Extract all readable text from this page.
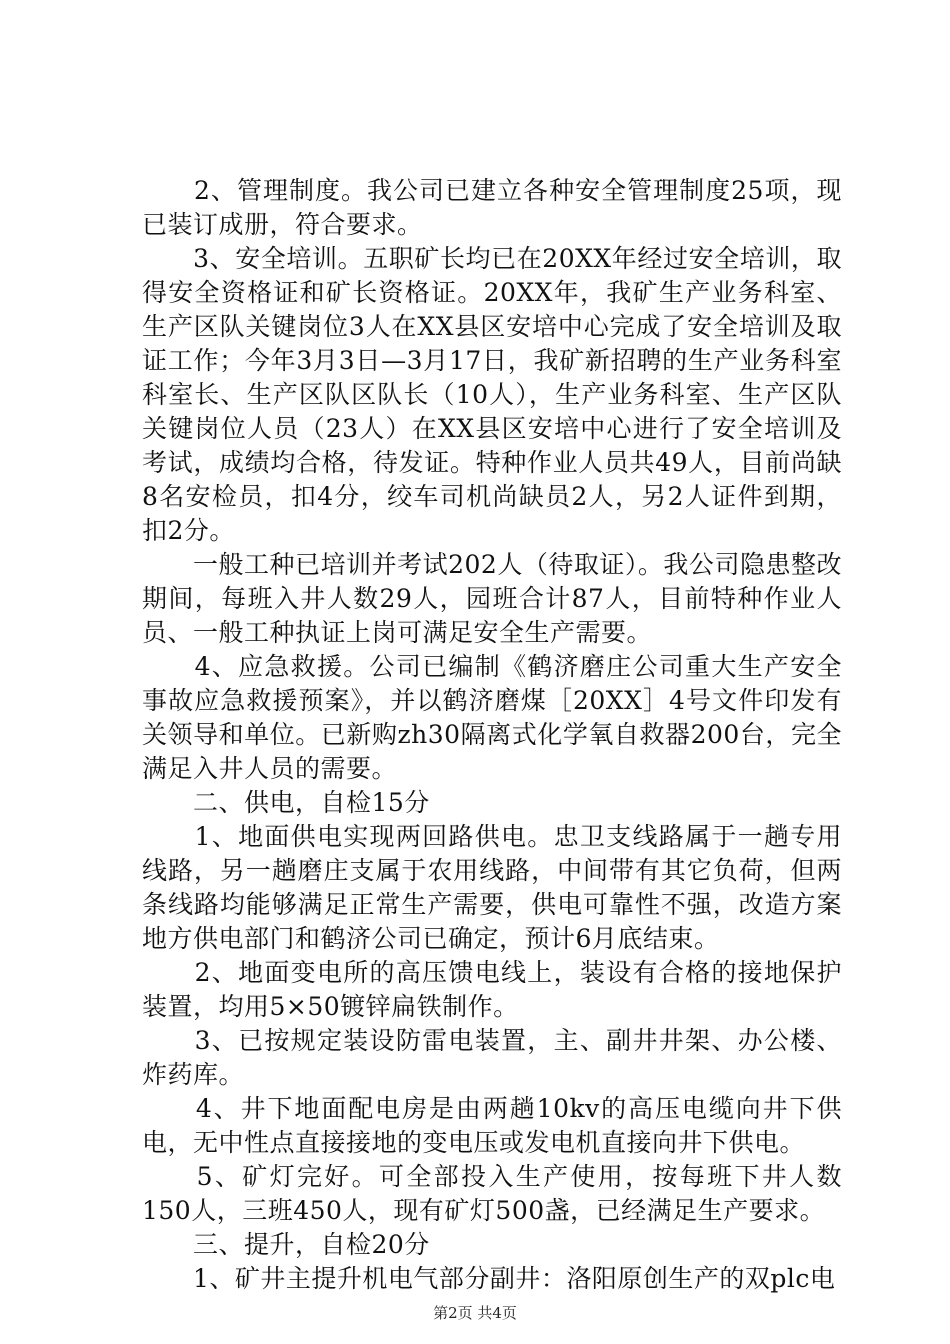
　　2、管理制度。我公司已建立各种安全管理制度25项，现已装订成册，符合要求。

　　3、安全培训。五职矿长均已在20XX年经过安全培训，取得安全资格证和矿长资格证。20XX年，我矿生产业务科室、生产区队关键岗位3人在XX县区安培中心完成了安全培训及取证工作；今年3月3日—3月17日，我矿新招聘的生产业务科室科室长、生产区队区队长（10人），生产业务科室、生产区队关键岗位人员（23人）在XX县区安培中心进行了安全培训及考试，成绩均合格，待发证。特种作业人员共49人，目前尚缺8名安检员，扣4分，绞车司机尚缺员2人，另2人证件到期，扣2分。

　　一般工种已培训并考试202人（待取证）。我公司隐患整改期间，每班入井人数29人，园班合计87人，目前特种作业人员、一般工种执证上岗可满足安全生产需要。

　　4、应急救援。公司已编制《鹤济磨庄公司重大生产安全事故应急救援预案》，并以鹤济磨煤［20XX］4号文件印发有关领导和单位。已新购zh30隔离式化学氧自救器200台，完全满足入井人员的需要。

　　二、供电，自检15分

　　1、地面供电实现两回路供电。忠卫支线路属于一趟专用线路，另一趟磨庄支属于农用线路，中间带有其它负荷，但两条线路均能够满足正常生产需要，供电可靠性不强，改造方案地方供电部门和鹤济公司已确定，预计6月底结束。

　　2、地面变电所的高压馈电线上，装设有合格的接地保护装置，均用5×50镀锌扁铁制作。

　　3、已按规定装设防雷电装置，主、副井井架、办公楼、炸药库。

　　4、井下地面配电房是由两趟10kv的高压电缆向井下供电，无中性点直接接地的变电压或发电机直接向井下供电。

　　5、矿灯完好。可全部投入生产使用，按每班下井人数150人，三班450人，现有矿灯500盏，已经满足生产要求。

　　三、提升，自检20分

　　1、矿井主提升机电气部分副井：洛阳原创生产的双plc电

第2页 共4页
